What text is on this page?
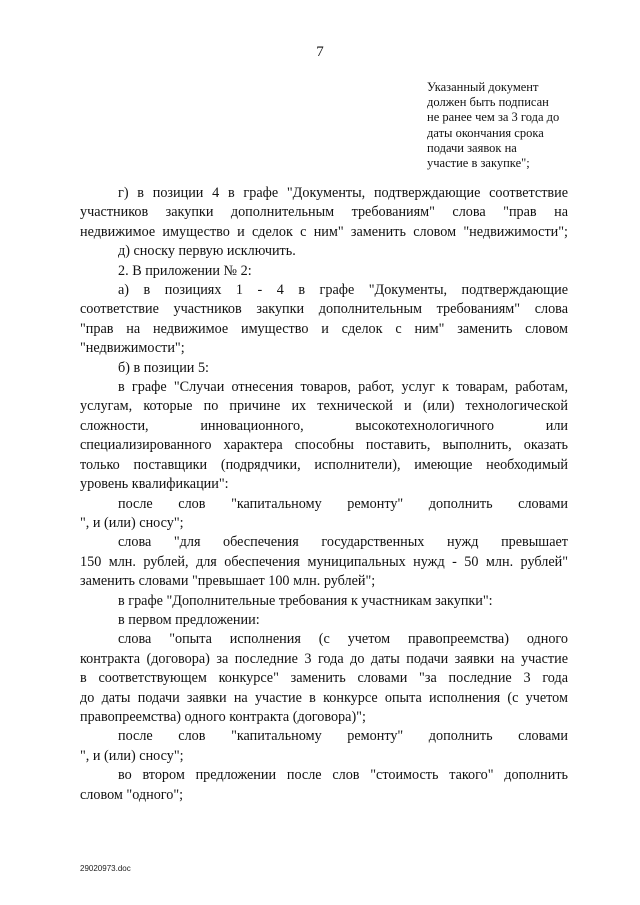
7
Указанный документ
должен быть подписан
не ранее чем за 3 года до
даты окончания срока
подачи заявок на
участие в закупке";
г) в позиции 4 в графе "Документы, подтверждающие соответствие
участников закупки дополнительным требованиям" слова "прав на
недвижимое имущество и сделок с ним" заменить словом "недвижимости";
д) сноску первую исключить.
2. В приложении № 2:
а) в позициях 1 - 4 в графе "Документы, подтверждающие
соответствие участников закупки дополнительным требованиям" слова
"прав на недвижимое имущество и сделок с ним" заменить словом
"недвижимости";
б) в позиции 5:
в графе "Случаи отнесения товаров, работ, услуг к товарам, работам,
услугам, которые по причине их технической и (или) технологической
сложности, инновационного, высокотехнологичного или
специализированного характера способны поставить, выполнить, оказать
только поставщики (подрядчики, исполнители), имеющие необходимый
уровень квалификации":
после слов "капитальному ремонту" дополнить словами
", и (или) сносу";
слова "для обеспечения государственных нужд превышает
150 млн. рублей, для обеспечения муниципальных нужд - 50 млн. рублей"
заменить словами "превышает 100 млн. рублей";
в графе "Дополнительные требования к участникам закупки":
в первом предложении:
слова "опыта исполнения (с учетом правопреемства) одного
контракта (договора) за последние 3 года до даты подачи заявки на участие
в соответствующем конкурсе" заменить словами "за последние 3 года
до даты подачи заявки на участие в конкурсе опыта исполнения (с учетом
правопреемства) одного контракта (договора)";
после слов "капитальному ремонту" дополнить словами
", и (или) сносу";
во втором предложении после слов "стоимость такого" дополнить
словом "одного";
29020973.doc
